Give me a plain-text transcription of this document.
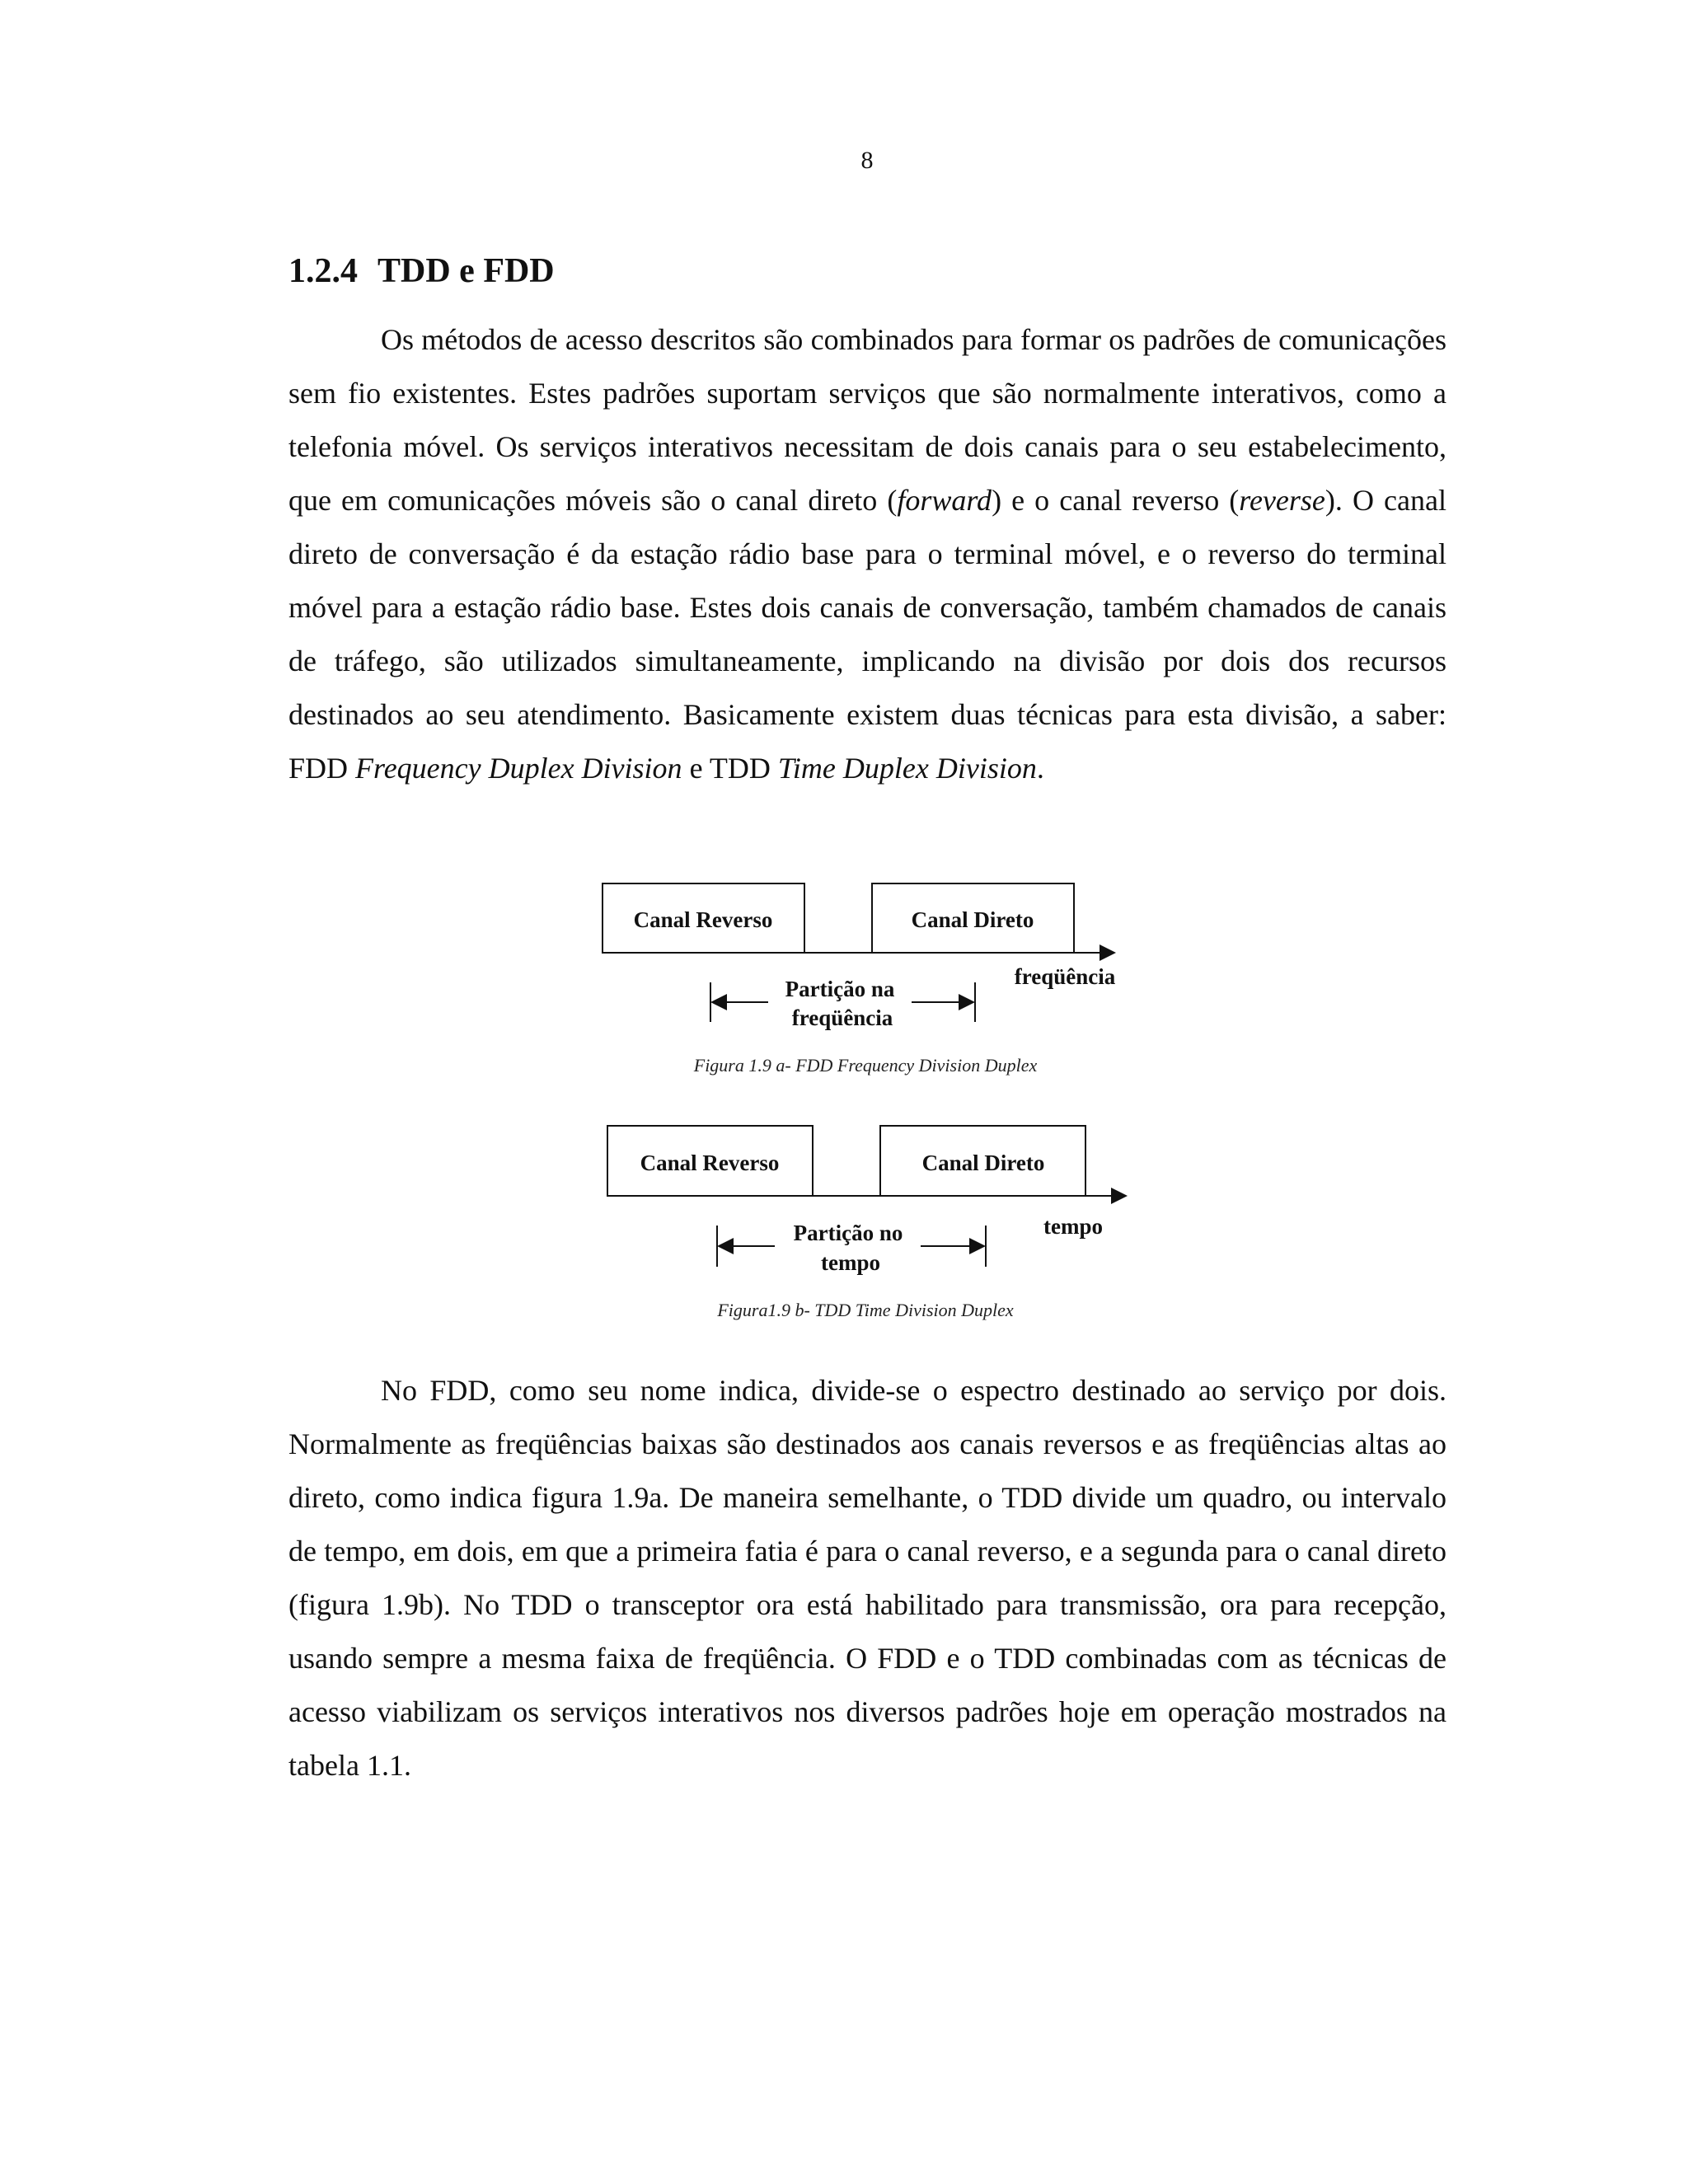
8
1.2.4 TDD e FDD

Os métodos de acesso descritos são combinados para formar os padrões de comunicações sem fio existentes. Estes padrões suportam serviços que são normalmente interativos, como a telefonia móvel. Os serviços interativos necessitam de dois canais para o seu estabelecimento, que em comunicações móveis são o canal direto (forward) e o canal reverso (reverse). O canal direto de conversação é da estação rádio base para o terminal móvel, e o reverso do terminal móvel para a estação rádio base. Estes dois canais de conversação, também chamados de canais de tráfego, são utilizados simultaneamente, implicando na divisão por dois dos recursos destinados ao seu atendimento. Basicamente existem duas técnicas para esta divisão, a saber: FDD Frequency Duplex Division e TDD Time Duplex Division.

Canal Reverso	Canal Direto
freqüência
Partição na
freqüência
Figura 1.9 a- FDD Frequency Division Duplex
Canal Reverso	Canal Direto
tempo
Partição no
tempo
Figura1.9 b- TDD Time Division Duplex

No FDD, como seu nome indica, divide-se o espectro destinado ao serviço por dois. Normalmente as freqüências baixas são destinados aos canais reversos e as freqüências altas ao direto, como indica figura 1.9a. De maneira semelhante, o TDD divide um quadro, ou intervalo de tempo, em dois, em que a primeira fatia é para o canal reverso, e a segunda para o canal direto (figura 1.9b). No TDD o transceptor ora está habilitado para transmissão, ora para recepção, usando sempre a mesma faixa de freqüência. O FDD e o TDD combinadas com as técnicas de acesso viabilizam os serviços interativos nos diversos padrões hoje em operação mostrados na tabela 1.1.
